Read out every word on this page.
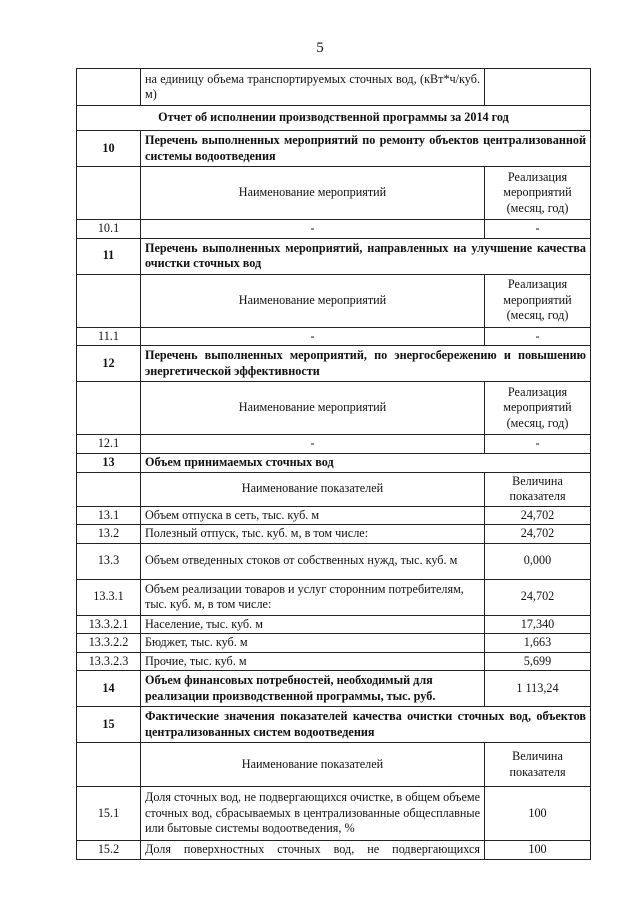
5
	на единицу объема транспортируемых сточных вод, (кВт*ч/куб. м)	
Отчет об исполнении производственной программы за 2014 год		
10	Перечень выполненных мероприятий по ремонту объектов централизованной системы водоотведения	
	Наименование мероприятий	Реализация мероприятий (месяц, год)
10.1	-	-
11	Перечень выполненных мероприятий, направленных на улучшение качества очистки сточных вод	
	Наименование мероприятий	Реализация мероприятий (месяц, год)
11.1	-	-
12	Перечень выполненных мероприятий, по энергосбережению и повышению энергетической эффективности	
	Наименование мероприятий	Реализация мероприятий (месяц, год)
12.1	-	-
13	Объем принимаемых сточных вод	
	Наименование показателей	Величина показателя
13.1	Объем отпуска в сеть, тыс. куб. м	24,702
13.2	Полезный отпуск, тыс. куб. м, в том числе:	24,702
13.3	Объем отведенных стоков от собственных нужд, тыс. куб. м	0,000
13.3.1	Объем реализации товаров и услуг сторонним потребителям, тыс. куб. м, в том числе:	24,702
13.3.2.1	Население, тыс. куб. м	17,340
13.3.2.2	Бюджет, тыс. куб. м	1,663
13.3.2.3	Прочие, тыс. куб. м	5,699
14	Объем финансовых потребностей, необходимый для реализации производственной программы, тыс. руб.	1 113,24
15	Фактические значения показателей качества очистки сточных вод, объектов централизованных систем водоотведения	
	Наименование показателей	Величина показателя
15.1	Доля сточных вод, не подвергающихся очистке, в общем объеме сточных вод, сбрасываемых в централизованные общесплавные или бытовые системы водоотведения, %	100
15.2	Доля поверхностных сточных вод, не подвергающихся	100
